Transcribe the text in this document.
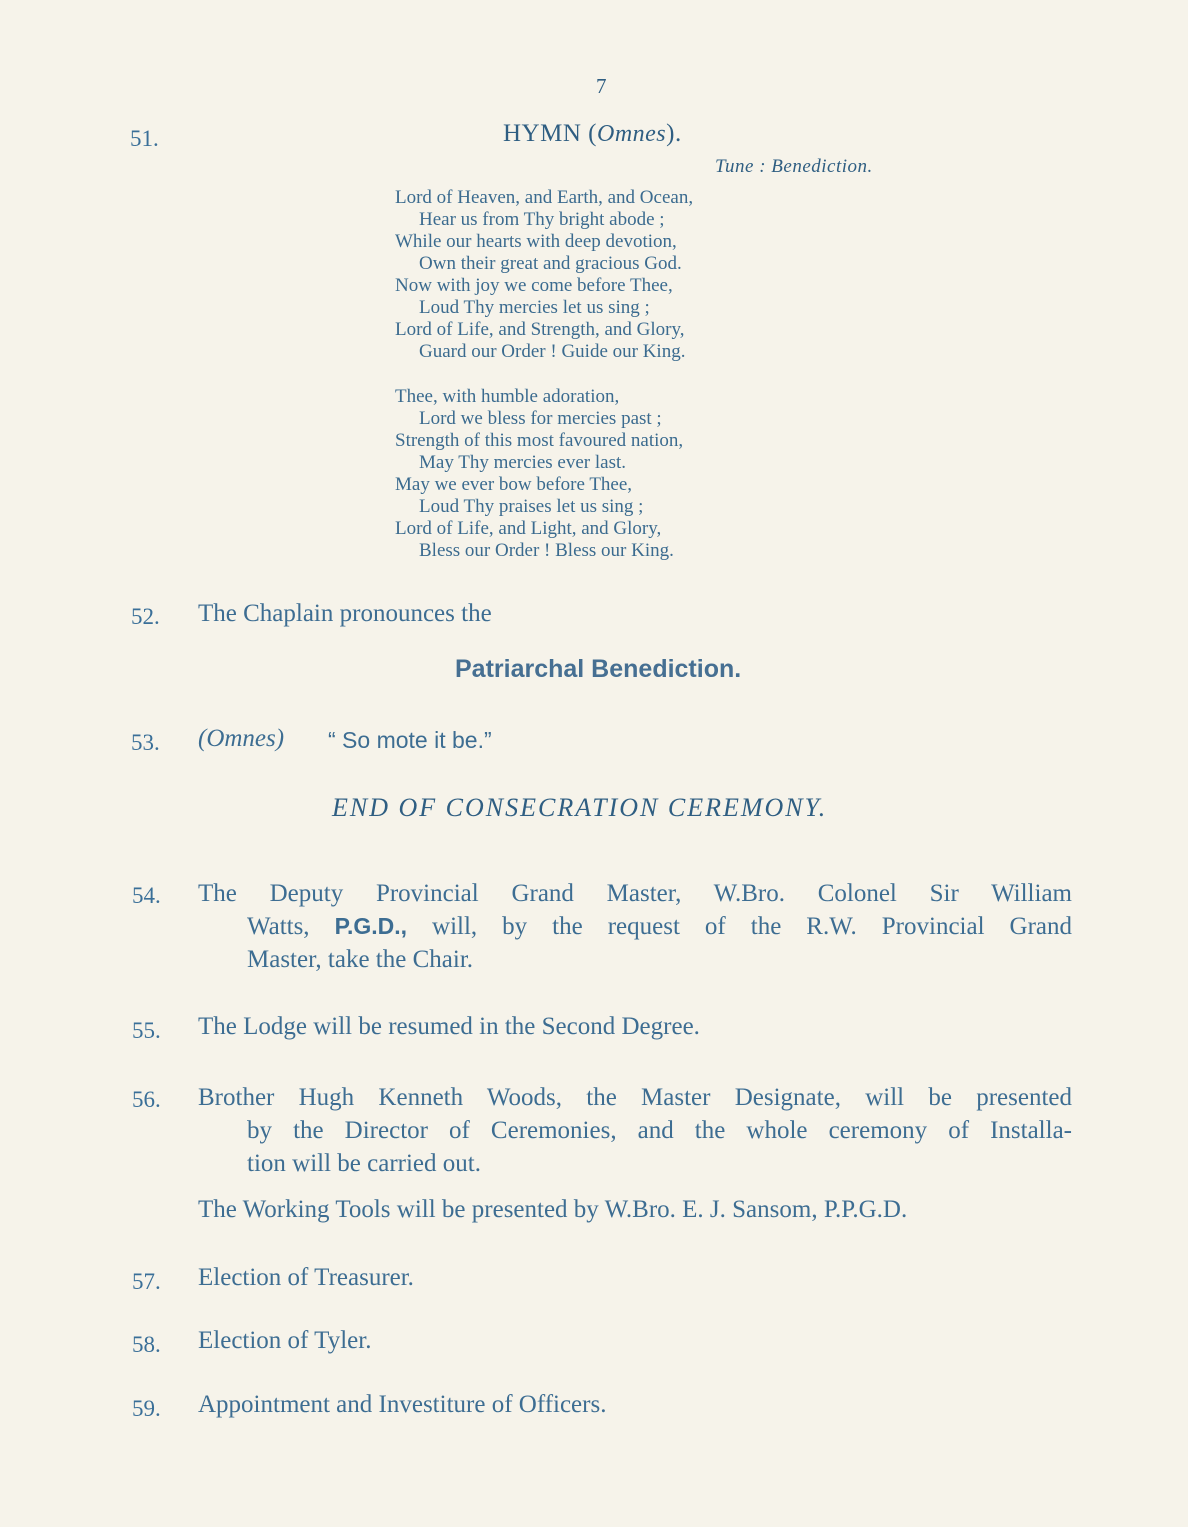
7
51.	HYMN (Omnes).
Tune : Benediction.
Lord of Heaven, and Earth, and Ocean,
Hear us from Thy bright abode ;
While our hearts with deep devotion,
Own their great and gracious God.
Now with joy we come before Thee,
Loud Thy mercies let us sing ;
Lord of Life, and Strength, and Glory,
Guard our Order ! Guide our King.
Thee, with humble adoration,
Lord we bless for mercies past ;
Strength of this most favoured nation,
May Thy mercies ever last.
May we ever bow before Thee,
Loud Thy praises let us sing ;
Lord of Life, and Light, and Glory,
Bless our Order ! Bless our King.
52. The Chaplain pronounces the
Patriarchal Benediction.
53. (Omnes) “ So mote it be.”
END OF CONSECRATION CEREMONY.
54. The Deputy Provincial Grand Master, W.Bro. Colonel Sir William
Watts, P.G.D., will, by the request of the R.W. Provincial Grand
Master, take the Chair.
55. The Lodge will be resumed in the Second Degree.
56. Brother Hugh Kenneth Woods, the Master Designate, will be presented
by the Director of Ceremonies, and the whole ceremony of Installa-
tion will be carried out.
The Working Tools will be presented by W.Bro. E. J. Sansom, P.P.G.D.
57. Election of Treasurer.
58. Election of Tyler.
59. Appointment and Investiture of Officers.
